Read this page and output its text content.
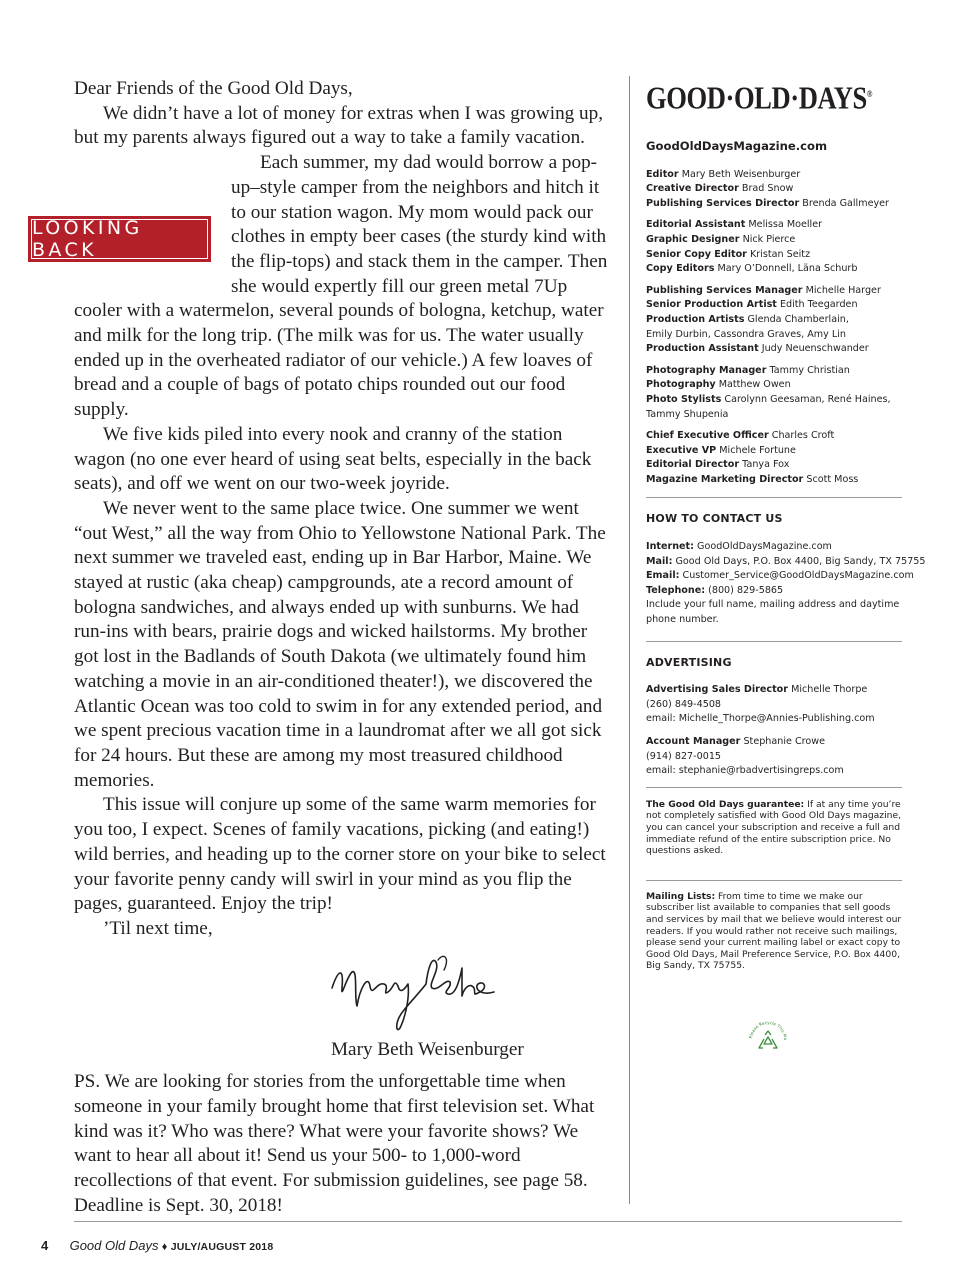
Dear Friends of the Good Old Days,

We didn’t have a lot of money for extras when I was growing up, but my parents always figured out a way to take a family vacation.

Each summer, my dad would borrow a pop-up–style camper from the neighbors and hitch it to our station wagon. My mom would pack our clothes in empty beer cases (the sturdy kind with the flip-tops) and stack them in the camper. Then she would expertly fill our green metal 7Up cooler with a watermelon, several pounds of bologna, ketchup, water and milk for the long trip. (The milk was for us. The water usually ended up in the overheated radiator of our vehicle.) A few loaves of bread and a couple of bags of potato chips rounded out our food supply.

We five kids piled into every nook and cranny of the station wagon (no one ever heard of using seat belts, especially in the back seats), and off we went on our two-week joyride.

We never went to the same place twice. One summer we went “out West,” all the way from Ohio to Yellowstone National Park. The next summer we traveled east, ending up in Bar Harbor, Maine. We stayed at rustic (aka cheap) campgrounds, ate a record amount of bologna sandwiches, and always ended up with sunburns. We had run-ins with bears, prairie dogs and wicked hailstorms. My brother got lost in the Badlands of South Dakota (we ultimately found him watching a movie in an air-conditioned theater!), we discovered the Atlantic Ocean was too cold to swim in for any extended period, and we spent precious vacation time in a laundromat after we all got sick for 24 hours. But these are among my most treasured childhood memories.

This issue will conjure up some of the same warm memories for you too, I expect. Scenes of family vacations, picking (and eating!) wild berries, and heading up to the corner store on your bike to select your favorite penny candy will swirl in your mind as you flip the pages, guaranteed. Enjoy the trip!

’Til next time,

Mary Beth Weisenburger

PS. We are looking for stories from the unforgettable time when someone in your family brought home that first television set. What kind was it? Who was there? What were your favorite shows? We want to hear all about it! Send us your 500- to 1,000-word recollections of that event. For submission guidelines, see page 58. Deadline is Sept. 30, 2018!

LOOKING BACK
GOOD·OLD·DAYS®
GoodOldDaysMagazine.com
Editor Mary Beth Weisenburger
Creative Director Brad Snow
Publishing Services Director Brenda Gallmeyer
Editorial Assistant Melissa Moeller
Graphic Designer Nick Pierce
Senior Copy Editor Kristan Seitz
Copy Editors Mary O’Donnell, Läna Schurb
Publishing Services Manager Michelle Harger
Senior Production Artist Edith Teegarden
Production Artists Glenda Chamberlain,
Emily Durbin, Cassondra Graves, Amy Lin
Production Assistant Judy Neuenschwander
Photography Manager Tammy Christian
Photography Matthew Owen
Photo Stylists Carolynn Geesaman, René Haines,
Tammy Shupenia
Chief Executive Officer Charles Croft
Executive VP Michele Fortune
Editorial Director Tanya Fox
Magazine Marketing Director Scott Moss
HOW TO CONTACT US
Internet: GoodOldDaysMagazine.com
Mail: Good Old Days, P.O. Box 4400, Big Sandy, TX 75755
Email: Customer_Service@GoodOldDaysMagazine.com
Telephone: (800) 829-5865
Include your full name, mailing address and daytime
phone number.
ADVERTISING
Advertising Sales Director Michelle Thorpe
(260) 849-4508
email: Michelle_Thorpe@Annies-Publishing.com
Account Manager Stephanie Crowe
(914) 827-0015
email: stephanie@rbadvertisingreps.com
The Good Old Days guarantee: If at any time you’re not completely satisfied with Good Old Days magazine, you can cancel your subscription and receive a full and immediate refund of the entire subscription price. No questions asked.
Mailing Lists: From time to time we make our subscriber list available to companies that sell goods and services by mail that we believe would interest our readers. If you would rather not receive such mailings, please send your current mailing label or exact copy to Good Old Days, Mail Preference Service, P.O. Box 4400, Big Sandy, TX 75755.
Please Recycle This Ma
4 Good Old Days ♦ JULY/AUGUST 2018
